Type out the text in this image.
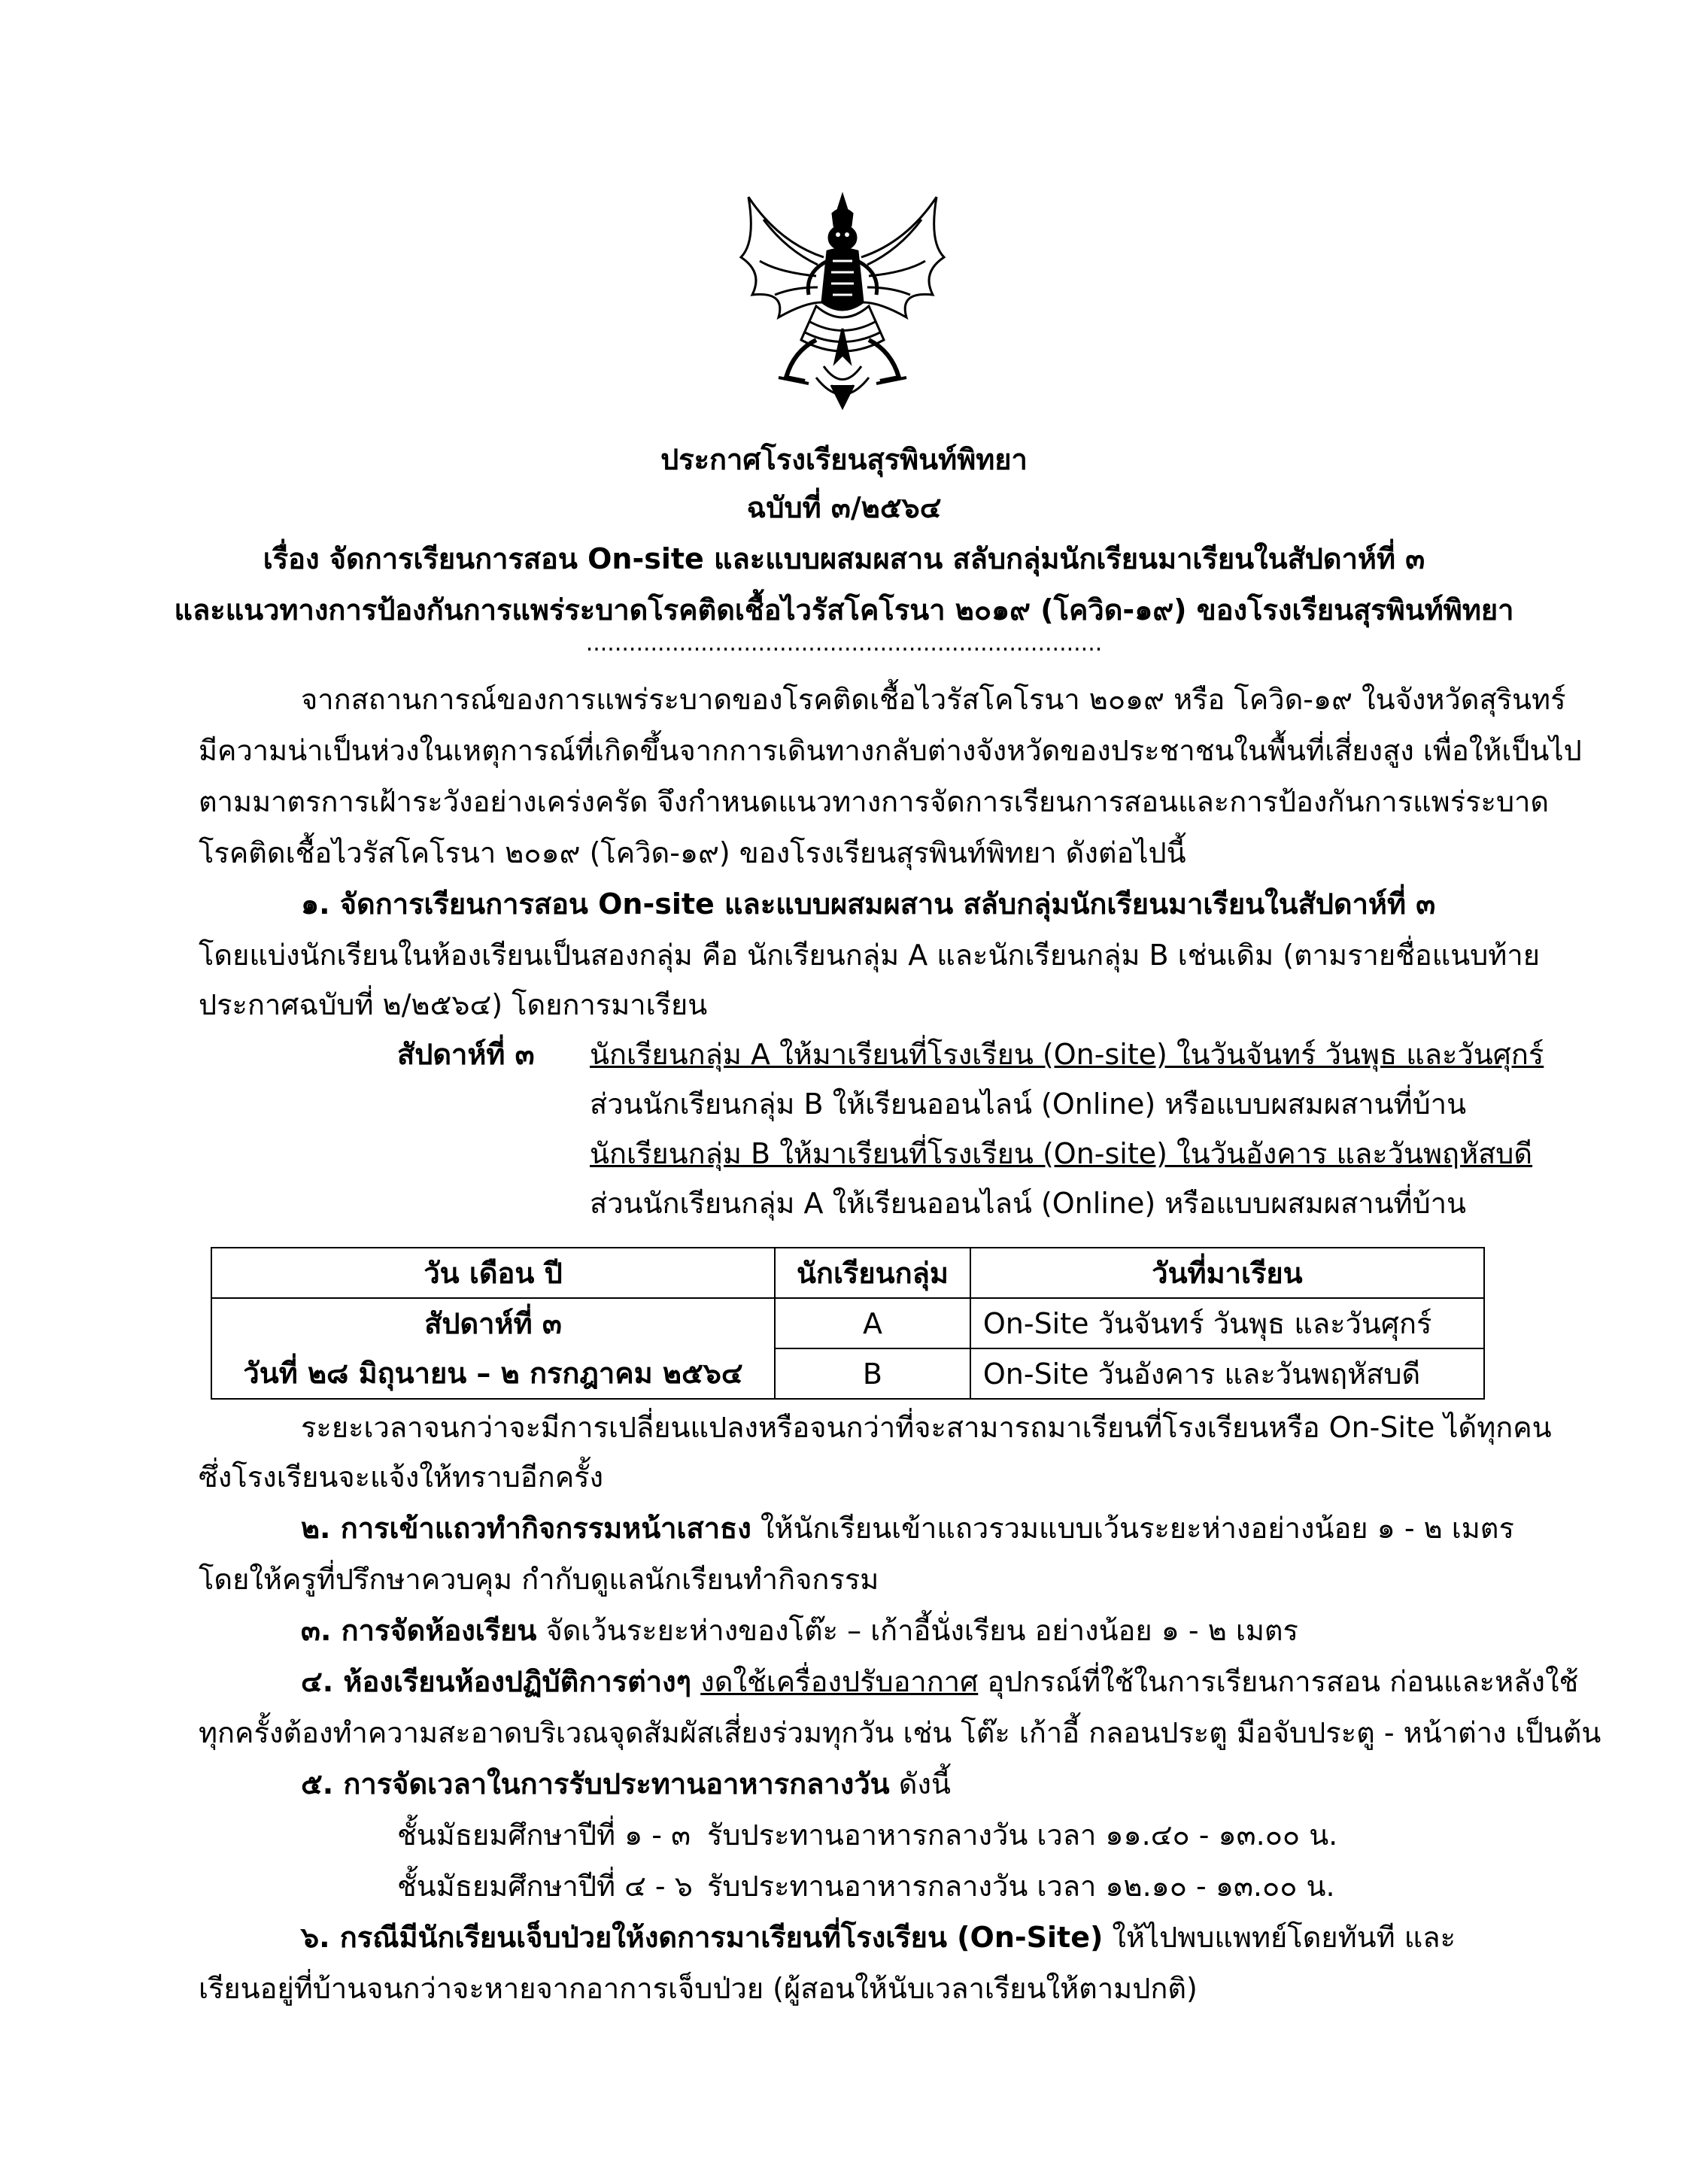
ประกาศโรงเรียนสุรพินท์พิทยา
ฉบับที่ ๓/๒๕๖๔
เรื่อง จัดการเรียนการสอน On-site และแบบผสมผสาน สลับกลุ่มนักเรียนมาเรียนในสัปดาห์ที่ ๓
และแนวทางการป้องกันการแพร่ระบาดโรคติดเชื้อไวรัสโคโรนา ๒๐๑๙ (โควิด-๑๙) ของโรงเรียนสุรพินท์พิทยา
........................................................................
จากสถานการณ์ของการแพร่ระบาดของโรคติดเชื้อไวรัสโคโรนา ๒๐๑๙ หรือ โควิด-๑๙ ในจังหวัดสุรินทร์
มีความน่าเป็นห่วงในเหตุการณ์ที่เกิดขึ้นจากการเดินทางกลับต่างจังหวัดของประชาชนในพื้นที่เสี่ยงสูง เพื่อให้เป็นไป
ตามมาตรการเฝ้าระวังอย่างเคร่งครัด จึงกำหนดแนวทางการจัดการเรียนการสอนและการป้องกันการแพร่ระบาด
โรคติดเชื้อไวรัสโคโรนา ๒๐๑๙ (โควิด-๑๙) ของโรงเรียนสุรพินท์พิทยา ดังต่อไปนี้
๑. จัดการเรียนการสอน On-site และแบบผสมผสาน สลับกลุ่มนักเรียนมาเรียนในสัปดาห์ที่ ๓
โดยแบ่งนักเรียนในห้องเรียนเป็นสองกลุ่ม คือ นักเรียนกลุ่ม A และนักเรียนกลุ่ม B เช่นเดิม (ตามรายชื่อแนบท้าย
ประกาศฉบับที่ ๒/๒๕๖๔) โดยการมาเรียน
สัปดาห์ที่ ๓ นักเรียนกลุ่ม A ให้มาเรียนที่โรงเรียน (On-site) ในวันจันทร์ วันพุธ และวันศุกร์
ส่วนนักเรียนกลุ่ม B ให้เรียนออนไลน์ (Online) หรือแบบผสมผสานที่บ้าน
นักเรียนกลุ่ม B ให้มาเรียนที่โรงเรียน (On-site) ในวันอังคาร และวันพฤหัสบดี
ส่วนนักเรียนกลุ่ม A ให้เรียนออนไลน์ (Online) หรือแบบผสมผสานที่บ้าน
วัน เดือน ปี	นักเรียนกลุ่ม	วันที่มาเรียน

สัปดาห์ที่ ๓
วันที่ ๒๘ มิถุนายน – ๒ กรกฎาคม ๒๕๖๔	A	On-Site วันจันทร์ วันพุธ และวันศุกร์
	B	On-Site วันอังคาร และวันพฤหัสบดี
ระยะเวลาจนกว่าจะมีการเปลี่ยนแปลงหรือจนกว่าที่จะสามารถมาเรียนที่โรงเรียนหรือ On-Site ได้ทุกคน
ซึ่งโรงเรียนจะแจ้งให้ทราบอีกครั้ง
๒. การเข้าแถวทำกิจกรรมหน้าเสาธง ให้นักเรียนเข้าแถวรวมแบบเว้นระยะห่างอย่างน้อย ๑ - ๒ เมตร
โดยให้ครูที่ปรึกษาควบคุม กำกับดูแลนักเรียนทำกิจกรรม
๓. การจัดห้องเรียน จัดเว้นระยะห่างของโต๊ะ – เก้าอี้นั่งเรียน อย่างน้อย ๑ - ๒ เมตร
๔. ห้องเรียนห้องปฏิบัติการต่างๆ งดใช้เครื่องปรับอากาศ อุปกรณ์ที่ใช้ในการเรียนการสอน ก่อนและหลังใช้
ทุกครั้งต้องทำความสะอาดบริเวณจุดสัมผัสเสี่ยงร่วมทุกวัน เช่น โต๊ะ เก้าอี้ กลอนประตู มือจับประตู - หน้าต่าง เป็นต้น
๕. การจัดเวลาในการรับประทานอาหารกลางวัน ดังนี้
ชั้นมัธยมศึกษาปีที่ ๑ - ๓ รับประทานอาหารกลางวัน เวลา ๑๑.๔๐ - ๑๓.๐๐ น.
ชั้นมัธยมศึกษาปีที่ ๔ - ๖ รับประทานอาหารกลางวัน เวลา ๑๒.๑๐ - ๑๓.๐๐ น.
๖. กรณีมีนักเรียนเจ็บป่วยให้งดการมาเรียนที่โรงเรียน (On-Site) ให้ไปพบแพทย์โดยทันที และ
เรียนอยู่ที่บ้านจนกว่าจะหายจากอาการเจ็บป่วย (ผู้สอนให้นับเวลาเรียนให้ตามปกติ)
